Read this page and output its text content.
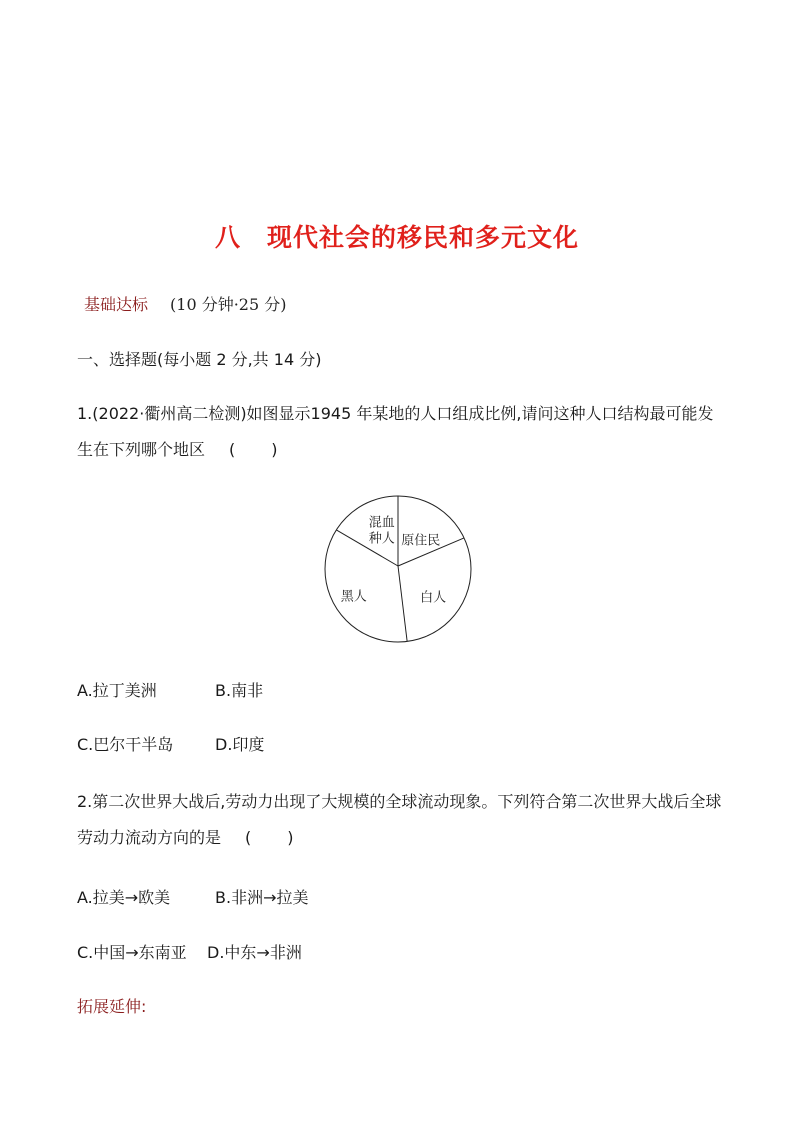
八　现代社会的移民和多元文化
基础达标 (10 分钟·25 分)
一、选择题(每小题 2 分,共 14 分)
1.(2022·衢州高二检测)如图显示1945 年某地的人口组成比例,请问这种人口结构最可能发生在下列哪个地区 (　)
原住民
白人
黑人
混血
种人
A.拉丁美洲	B.南非
C.巴尔干半岛	D.印度
2.第二次世界大战后,劳动力出现了大规模的全球流动现象。下列符合第二次世界大战后全球劳动力流动方向的是 (　)
A.拉美→欧美	B.非洲→拉美
C.中国→东南亚 D.中东→非洲
拓展延伸:
